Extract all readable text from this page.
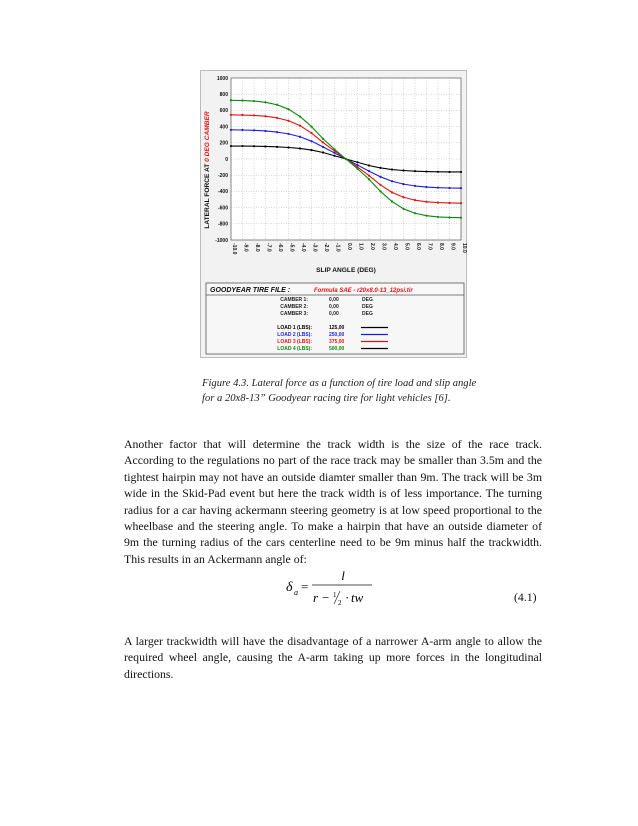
1000
800
600
400
200
0
-200
-400
-600
-800
-1000
-10.0 -9.0 -8.0 -7.0 -6.0 -5.0 -4.0 -3.0 -2.0 -1.0 0.0 1.0 2.0 3.0 4.0 5.0 6.0 7.0 8.0 9.0 10.0
LATERAL FORCE AT 0 DEG CAMBER
SLIP ANGLE (DEG)
GOODYEAR TIRE FILE :	Formula SAE - r20x8.0-13_12psi.tir
CAMBER 1:	0,00	DEG
CAMBER 2:	0,00	DEG
CAMBER 3:	0,00	DEG
LOAD 1 (LBS):	125,00
LOAD 2 (LBS):	250,00
LOAD 3 (LBS):	375,00
LOAD 4 (LBS):	500,00

Figure 4.3. Lateral force as a function of tire load and slip angle

for a 20x8-13” Goodyear racing tire for light vehicles [6].

Another factor that will determine the track width is the size of the race track. According to the regulations no part of the race track may be smaller than 3.5m and the tightest hairpin may not have an outside diamter smaller than 9m. The track will be 3m wide in the Skid-Pad event but here the track width is of less importance. The turning radius for a car having ackermann steering geometry is at low speed proportional to the wheelbase and the steering angle. To make a hairpin that have an outside diameter of 9m the turning radius of the cars centerline need to be 9m minus half the trackwidth. This results in an Ackermann angle of:

δ a =
l
r − 1
2 · tw	(4.1)

A larger trackwidth will have the disadvantage of a narrower A-arm angle to allow the required wheel angle, causing the A-arm taking up more forces in the longitudinal directions.
